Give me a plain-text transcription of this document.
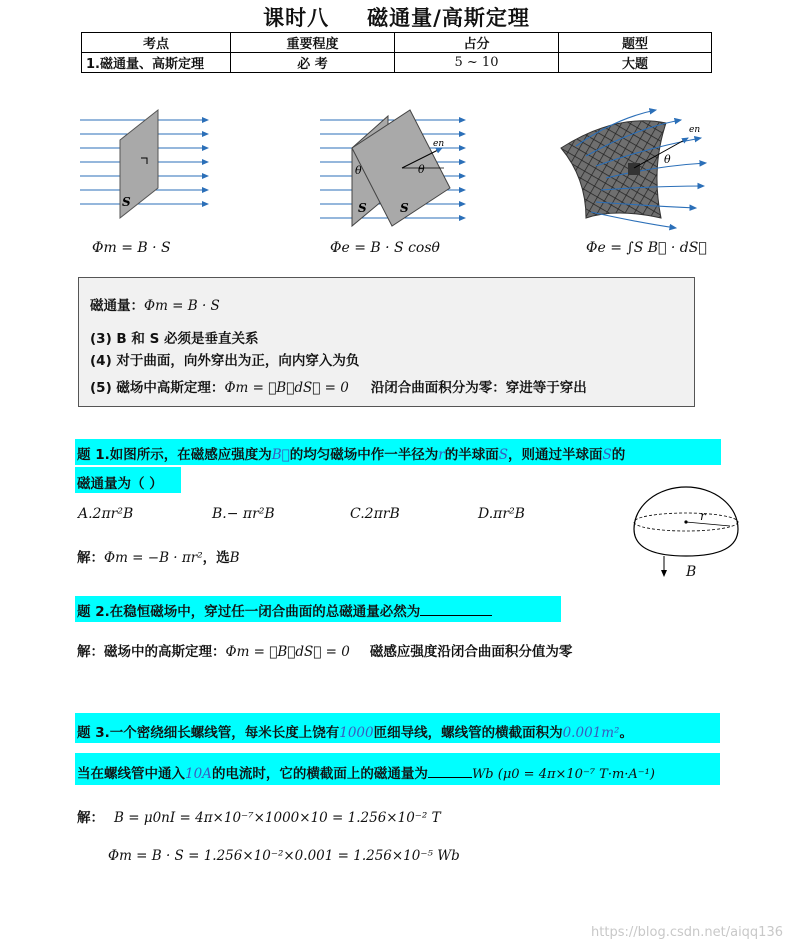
课时八 磁通量/高斯定理
考点	重要程度	占分	题型
1.磁通量、高斯定理	必 考	5 ~ 10	大题
S
Φm = B · S
en
θ
θ
S	S
Φe = B · S cosθ
en
θ
Φe = ∫S B⃗ · dS⃗
磁通量：Φm = B · S
(3) B 和 S 必须是垂直关系
(4) 对于曲面，向外穿出为正，向内穿入为负
(5) 磁场中高斯定理：Φm = ∮B⃗dS⃗ = 0 沿闭合曲面积分为零：穿进等于穿出
题 1.如图所示，在磁感应强度为B⃗的均匀磁场中作一半径为r的半球面S，则通过半球面S的
磁通量为（ ）
A.2πr²B	B.− πr²B	C.2πrB	D.πr²B
解：Φm = −B · πr²，选B
r
B
题 2.在稳恒磁场中，穿过任一闭合曲面的总磁通量必然为
解：磁场中的高斯定理：Φm = ∮B⃗dS⃗ = 0 磁感应强度沿闭合曲面积分值为零
题 3.一个密绕细长螺线管，每米长度上饶有1000匝细导线，螺线管的横截面积为0.001m²。
当在螺线管中通入10A的电流时，它的横截面上的磁通量为	Wb (μ0 = 4π×10⁻⁷ T·m·A⁻¹)
解： B = μ0nI = 4π×10⁻⁷×1000×10 = 1.256×10⁻² T
Φm = B · S = 1.256×10⁻²×0.001 = 1.256×10⁻⁵ Wb
https://blog.csdn.net/aiqq136
